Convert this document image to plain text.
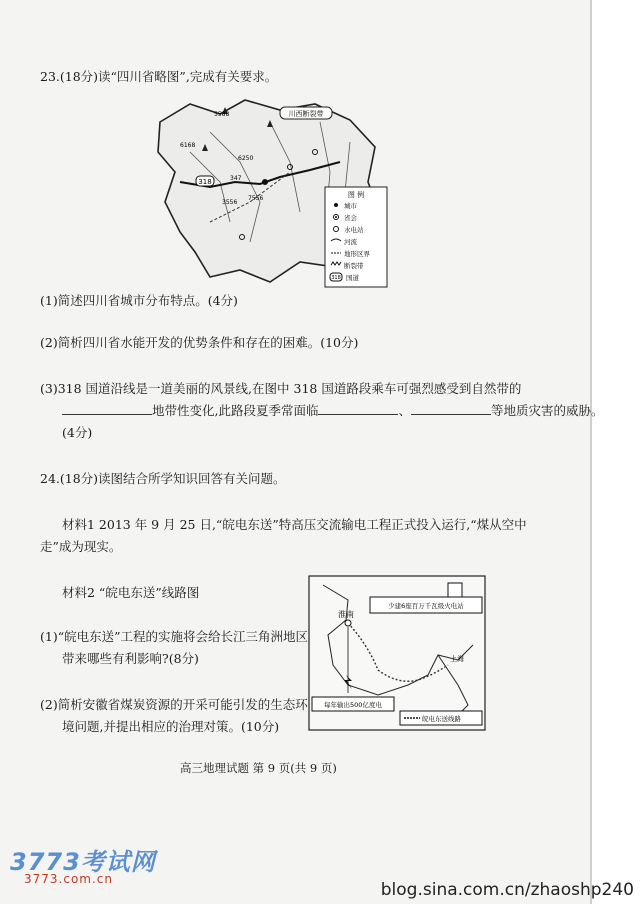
23.(18分)读“四川省略图”,完成有关要求。
川西断裂带
5588
6168
6250
347
3556
7556
318
图 例
城市
省会
水电站
河流
地形区界
断裂带
318 国道
(1)简述四川省城市分布特点。(4分)
(2)简析四川省水能开发的优势条件和存在的困难。(10分)
(3)318 国道沿线是一道美丽的风景线,在图中 318 国道路段乘车可强烈感受到自然带的
地带性变化,此路段夏季常面临	、	等地质灾害的威胁。
(4分)
24.(18分)读图结合所学知识回答有关问题。
材料1 2013 年 9 月 25 日,“皖电东送”特高压交流输电工程正式投入运行,“煤从空中
走”成为现实。
材料2 “皖电东送”线路图
(1)“皖电东送”工程的实施将会给长江三角洲地区
带来哪些有利影响?(8分)
(2)简析安徽省煤炭资源的开采可能引发的生态环
境问题,并提出相应的治理对策。(10分)
淮南
上海
少建6座百万千瓦级火电站
每年输出500亿度电
皖电东送线路
高三地理试题 第 9 页(共 9 页)
3773考试网
3773.com.cn
blog.sina.com.cn/zhaoshp240
